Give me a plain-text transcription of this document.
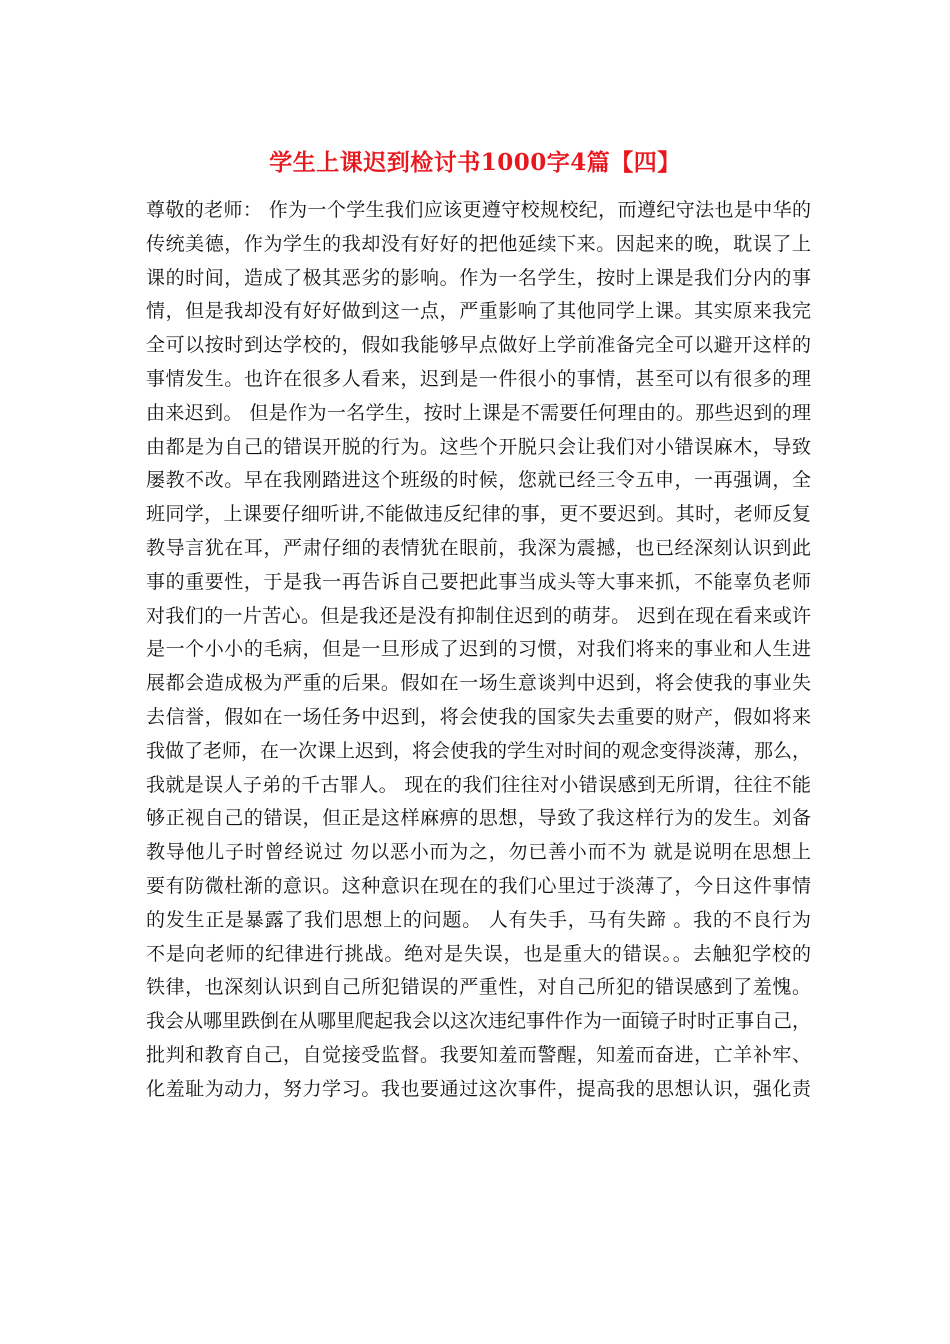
学生上课迟到检讨书1000字4篇【四】
尊敬的老师： 作为一个学生我们应该更遵守校规校纪，而遵纪守法也是中华的
传统美德，作为学生的我却没有好好的把他延续下来。因起来的晚，耽误了上
课的时间，造成了极其恶劣的影响。作为一名学生，按时上课是我们分内的事
情，但是我却没有好好做到这一点，严重影响了其他同学上课。其实原来我完
全可以按时到达学校的，假如我能够早点做好上学前准备完全可以避开这样的
事情发生。也许在很多人看来，迟到是一件很小的事情，甚至可以有很多的理
由来迟到。 但是作为一名学生，按时上课是不需要任何理由的。那些迟到的理
由都是为自己的错误开脱的行为。这些个开脱只会让我们对小错误麻木，导致
屡教不改。早在我刚踏进这个班级的时候，您就已经三令五申，一再强调，全
班同学，上课要仔细听讲,不能做违反纪律的事，更不要迟到。其时，老师反复
教导言犹在耳，严肃仔细的表情犹在眼前，我深为震撼，也已经深刻认识到此
事的重要性，于是我一再告诉自己要把此事当成头等大事来抓，不能辜负老师
对我们的一片苦心。但是我还是没有抑制住迟到的萌芽。 迟到在现在看来或许
是一个小小的毛病，但是一旦形成了迟到的习惯，对我们将来的事业和人生进
展都会造成极为严重的后果。假如在一场生意谈判中迟到，将会使我的事业失
去信誉，假如在一场任务中迟到，将会使我的国家失去重要的财产，假如将来
我做了老师，在一次课上迟到，将会使我的学生对时间的观念变得淡薄，那么，
我就是误人子弟的千古罪人。 现在的我们往往对小错误感到无所谓，往往不能
够正视自己的错误，但正是这样麻痹的思想，导致了我这样行为的发生。刘备
教导他儿子时曾经说过 勿以恶小而为之，勿已善小而不为 就是说明在思想上
要有防微杜渐的意识。这种意识在现在的我们心里过于淡薄了，今日这件事情
的发生正是暴露了我们思想上的问题。 人有失手，马有失蹄 。我的不良行为
不是向老师的纪律进行挑战。绝对是失误，也是重大的错误。。去触犯学校的
铁律，也深刻认识到自己所犯错误的严重性，对自己所犯的错误感到了羞愧。
我会从哪里跌倒在从哪里爬起我会以这次违纪事件作为一面镜子时时正事自己，
批判和教育自己，自觉接受监督。我要知羞而警醒，知羞而奋进，亡羊补牢、
化羞耻为动力，努力学习。我也要通过这次事件，提高我的思想认识，强化责
